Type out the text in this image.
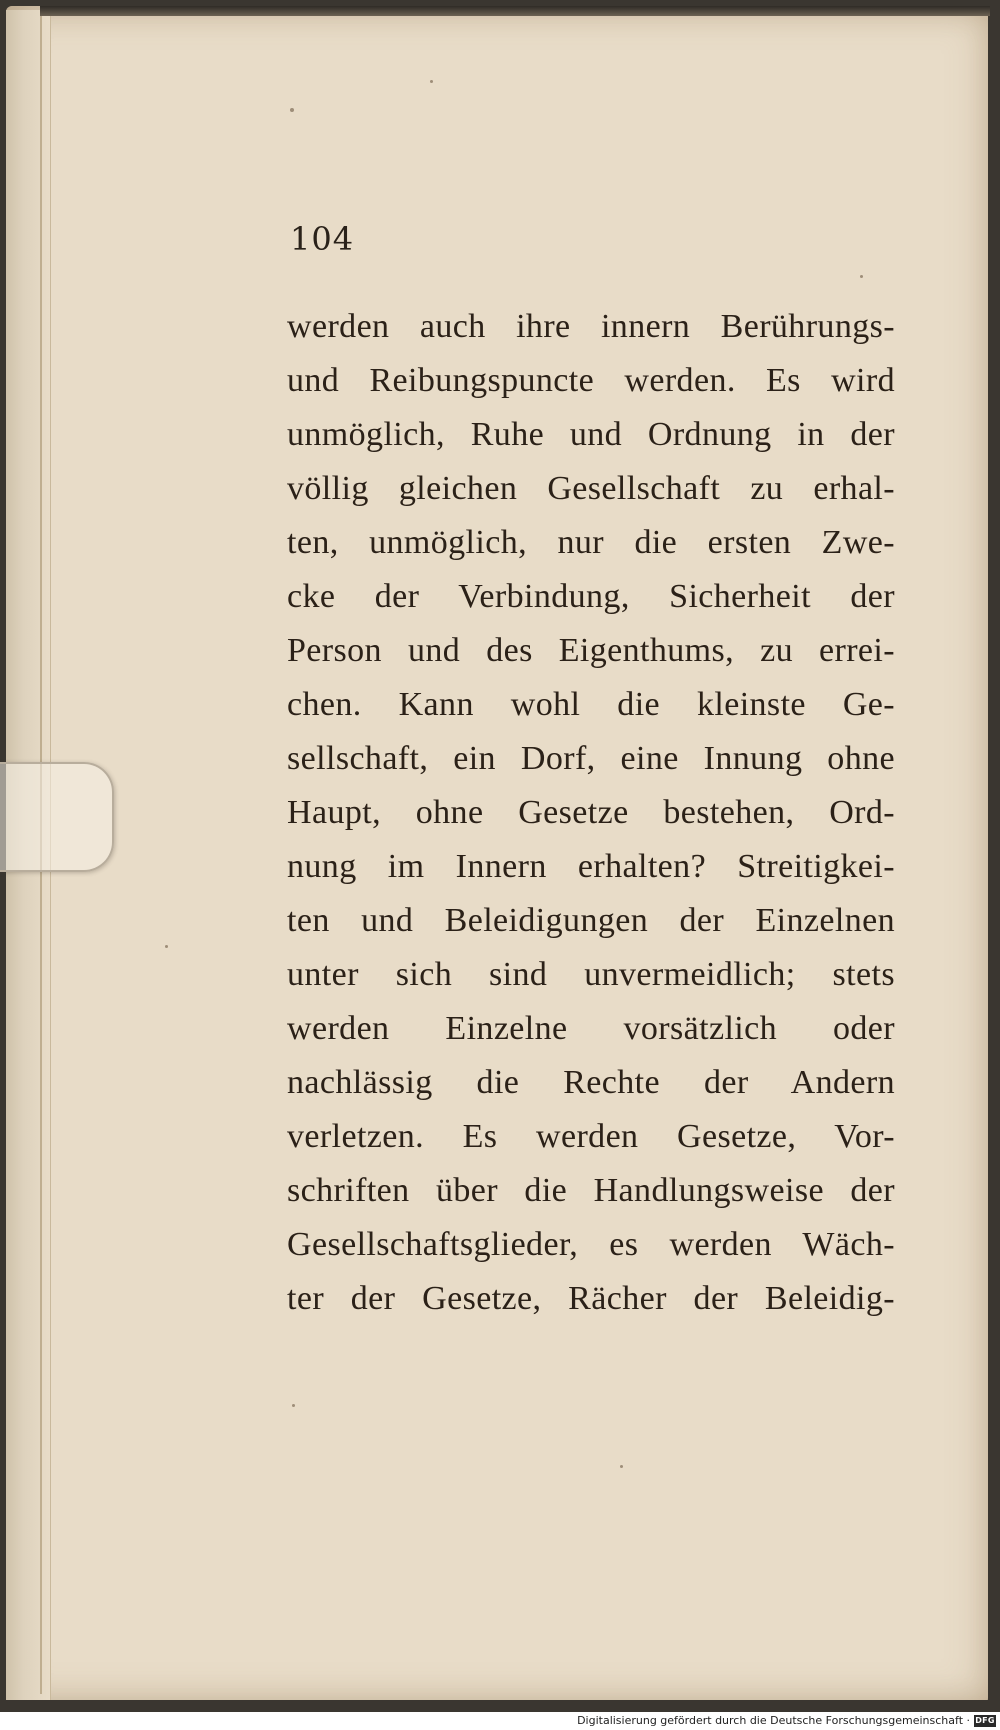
104
werden auch ihre innern Berührungs-
und Reibungspuncte werden. Es wird
unmöglich, Ruhe und Ordnung in der
völlig gleichen Gesellschaft zu erhal-
ten, unmöglich, nur die ersten Zwe-
cke der Verbindung, Sicherheit der
Person und des Eigenthums, zu errei-
chen. Kann wohl die kleinste Ge-
sellschaft, ein Dorf, eine Innung ohne
Haupt, ohne Gesetze bestehen, Ord-
nung im Innern erhalten? Streitigkei-
ten und Beleidigungen der Einzelnen
unter sich sind unvermeidlich; stets
werden Einzelne vorsätzlich oder
nachlässig die Rechte der Andern
verletzen. Es werden Gesetze, Vor-
schriften über die Handlungsweise der
Gesellschaftsglieder, es werden Wäch-
ter der Gesetze, Rächer der Beleidig-
Digitalisierung gefördert durch die Deutsche Forschungsgemeinschaft · DFG
